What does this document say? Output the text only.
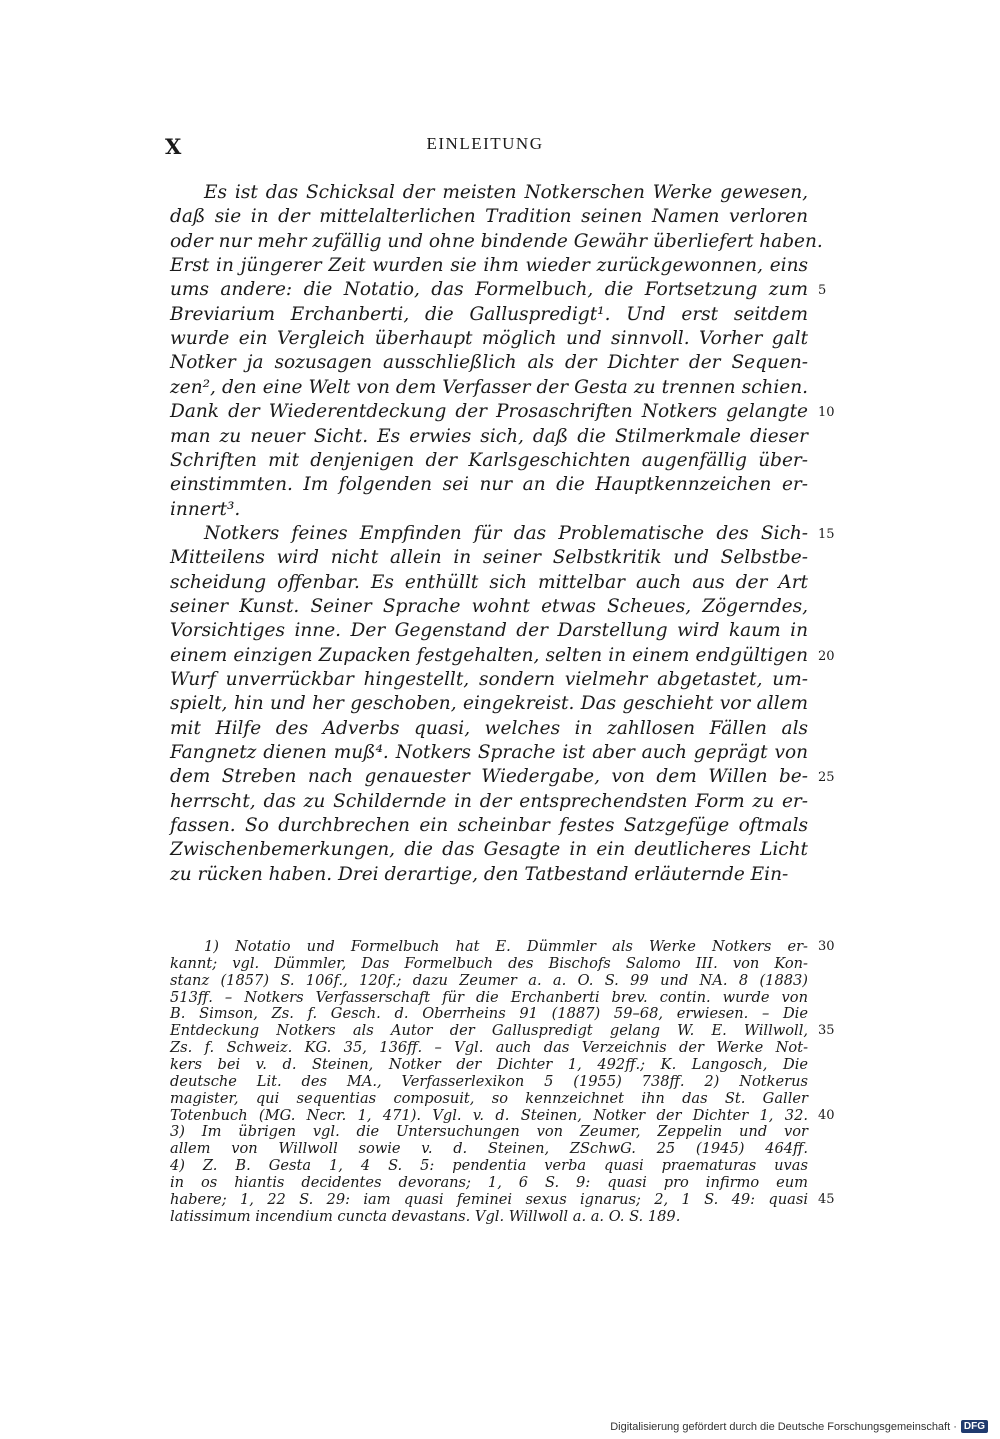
X	EINLEITUNG
Es ist das Schicksal der meisten Notkerschen Werke gewesen,
daß sie in der mittelalterlichen Tradition seinen Namen verloren
oder nur mehr zufällig und ohne bindende Gewähr überliefert haben.
Erst in jüngerer Zeit wurden sie ihm wieder zurückgewonnen, eins
ums andere: die Notatio, das Formelbuch, die Fortsetzung zum
Breviarium Erchanberti, die Galluspredigt¹. Und erst seitdem
wurde ein Vergleich überhaupt möglich und sinnvoll. Vorher galt
Notker ja sozusagen ausschließlich als der Dichter der Sequen-
zen², den eine Welt von dem Verfasser der Gesta zu trennen schien.
Dank der Wiederentdeckung der Prosaschriften Notkers gelangte
man zu neuer Sicht. Es erwies sich, daß die Stilmerkmale dieser
Schriften mit denjenigen der Karlsgeschichten augenfällig über-
einstimmten. Im folgenden sei nur an die Hauptkennzeichen er-
innert³.
Notkers feines Empfinden für das Problematische des Sich-
Mitteilens wird nicht allein in seiner Selbstkritik und Selbstbe-
scheidung offenbar. Es enthüllt sich mittelbar auch aus der Art
seiner Kunst. Seiner Sprache wohnt etwas Scheues, Zögerndes,
Vorsichtiges inne. Der Gegenstand der Darstellung wird kaum in
einem einzigen Zupacken festgehalten, selten in einem endgültigen
Wurf unverrückbar hingestellt, sondern vielmehr abgetastet, um-
spielt, hin und her geschoben, eingekreist. Das geschieht vor allem
mit Hilfe des Adverbs quasi, welches in zahllosen Fällen als
Fangnetz dienen muß⁴. Notkers Sprache ist aber auch geprägt von
dem Streben nach genauester Wiedergabe, von dem Willen be-
herrscht, das zu Schildernde in der entsprechendsten Form zu er-
fassen. So durchbrechen ein scheinbar festes Satzgefüge oftmals
Zwischenbemerkungen, die das Gesagte in ein deutlicheres Licht
zu rücken haben. Drei derartige, den Tatbestand erläuternde Ein-
1) Notatio und Formelbuch hat E. Dümmler als Werke Notkers er-
kannt; vgl. Dümmler, Das Formelbuch des Bischofs Salomo III. von Kon-
stanz (1857) S. 106f., 120f.; dazu Zeumer a. a. O. S. 99 und NA. 8 (1883)
513ff. – Notkers Verfasserschaft für die Erchanberti brev. contin. wurde von
B. Simson, Zs. f. Gesch. d. Oberrheins 91 (1887) 59–68, erwiesen. – Die
Entdeckung Notkers als Autor der Galluspredigt gelang W. E. Willwoll,
Zs. f. Schweiz. KG. 35, 136ff. – Vgl. auch das Verzeichnis der Werke Not-
kers bei v. d. Steinen, Notker der Dichter 1, 492ff.; K. Langosch, Die
deutsche Lit. des MA., Verfasserlexikon 5 (1955) 738ff. 2) Notkerus
magister, qui sequentias composuit, so kennzeichnet ihn das St. Galler
Totenbuch (MG. Necr. 1, 471). Vgl. v. d. Steinen, Notker der Dichter 1, 32.
3) Im übrigen vgl. die Untersuchungen von Zeumer, Zeppelin und vor
allem von Willwoll sowie v. d. Steinen, ZSchwG. 25 (1945) 464ff.
4) Z. B. Gesta 1, 4 S. 5: pendentia verba quasi praematuras uvas
in os hiantis decidentes devorans; 1, 6 S. 9: quasi pro infirmo eum
habere; 1, 22 S. 29: iam quasi feminei sexus ignarus; 2, 1 S. 49: quasi
latissimum incendium cuncta devastans. Vgl. Willwoll a. a. O. S. 189.
5
10
15
20
25
30
35
40
45
Digitalisierung gefördert durch die Deutsche Forschungsgemeinschaft · DFG
